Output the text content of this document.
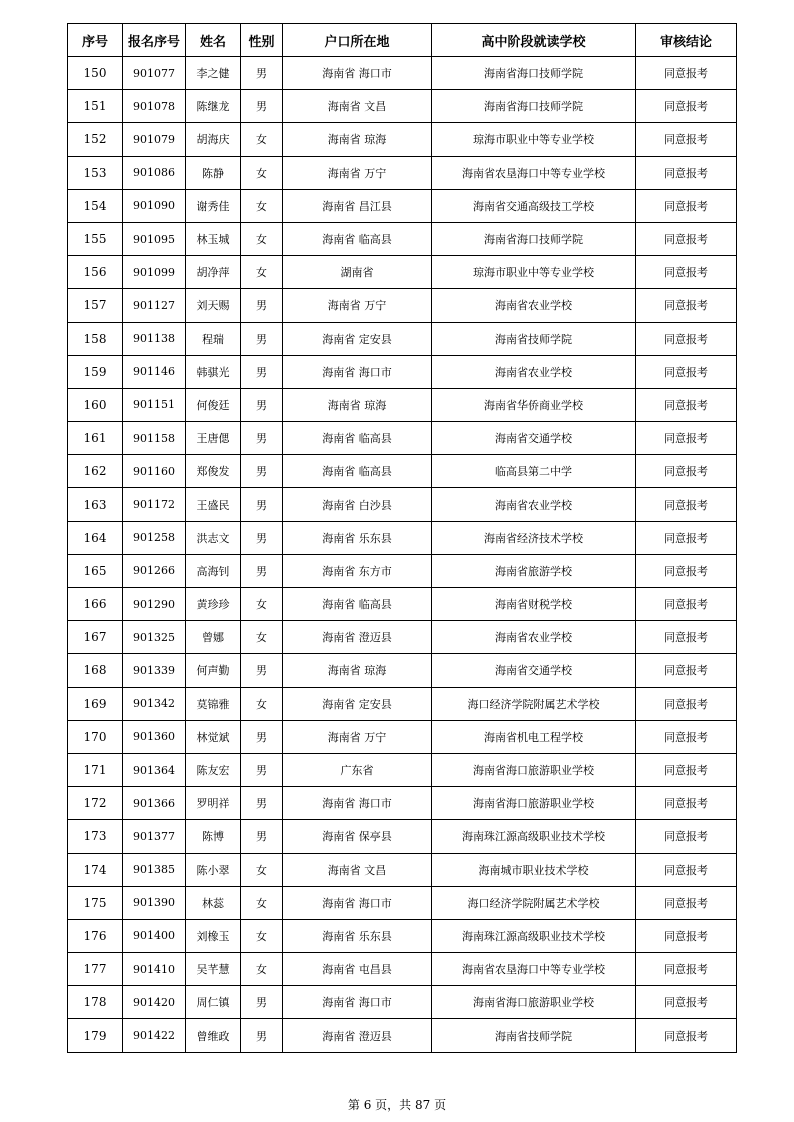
序号	报名序号	姓名	性别	户口所在地	高中阶段就读学校	审核结论
150	901077	李之健	男	海南省 海口市	海南省海口技师学院	同意报考
151	901078	陈继龙	男	海南省 文昌	海南省海口技师学院	同意报考
152	901079	胡海庆	女	海南省 琼海	琼海市职业中等专业学校	同意报考
153	901086	陈静	女	海南省 万宁	海南省农垦海口中等专业学校	同意报考
154	901090	谢秀佳	女	海南省 昌江县	海南省交通高级技工学校	同意报考
155	901095	林玉城	女	海南省 临高县	海南省海口技师学院	同意报考
156	901099	胡净萍	女	湖南省	琼海市职业中等专业学校	同意报考
157	901127	刘天赐	男	海南省 万宁	海南省农业学校	同意报考
158	901138	程瑞	男	海南省 定安县	海南省技师学院	同意报考
159	901146	韩骐光	男	海南省 海口市	海南省农业学校	同意报考
160	901151	何俊廷	男	海南省 琼海	海南省华侨商业学校	同意报考
161	901158	王唐偲	男	海南省 临高县	海南省交通学校	同意报考
162	901160	郑俊发	男	海南省 临高县	临高县第二中学	同意报考
163	901172	王盛民	男	海南省 白沙县	海南省农业学校	同意报考
164	901258	洪志文	男	海南省 乐东县	海南省经济技术学校	同意报考
165	901266	高海钊	男	海南省 东方市	海南省旅游学校	同意报考
166	901290	黄珍珍	女	海南省 临高县	海南省财税学校	同意报考
167	901325	曾娜	女	海南省 澄迈县	海南省农业学校	同意报考
168	901339	何声勤	男	海南省 琼海	海南省交通学校	同意报考
169	901342	莫锦雅	女	海南省 定安县	海口经济学院附属艺术学校	同意报考
170	901360	林觉斌	男	海南省 万宁	海南省机电工程学校	同意报考
171	901364	陈友宏	男	广东省	海南省海口旅游职业学校	同意报考
172	901366	罗明祥	男	海南省 海口市	海南省海口旅游职业学校	同意报考
173	901377	陈博	男	海南省 保亭县	海南珠江源高级职业技术学校	同意报考
174	901385	陈小翠	女	海南省 文昌	海南城市职业技术学校	同意报考
175	901390	林蕊	女	海南省 海口市	海口经济学院附属艺术学校	同意报考
176	901400	刘橡玉	女	海南省 乐东县	海南珠江源高级职业技术学校	同意报考
177	901410	吴芊慧	女	海南省 屯昌县	海南省农垦海口中等专业学校	同意报考
178	901420	周仁镇	男	海南省 海口市	海南省海口旅游职业学校	同意报考
179	901422	曾维政	男	海南省 澄迈县	海南省技师学院	同意报考
第 6 页，共 87 页
